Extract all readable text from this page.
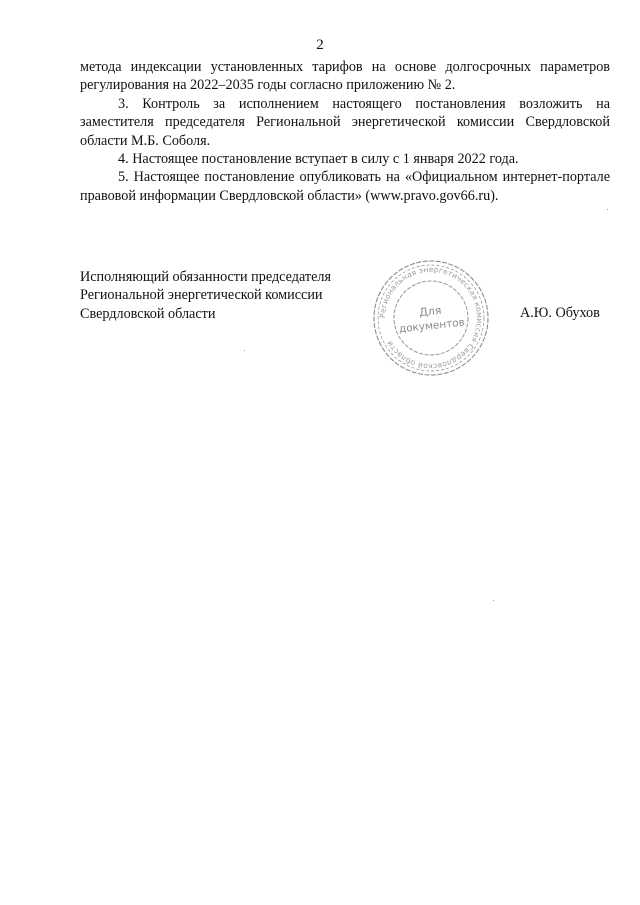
2

метода индексации установленных тарифов на основе долгосрочных параметров регулирования на 2022–2035 годы согласно приложению № 2.

3. Контроль за исполнением настоящего постановления возложить на заместителя председателя Региональной энергетической комиссии Свердловской области М.Б. Соболя.

4. Настоящее постановление вступает в силу с 1 января 2022 года.

5. Настоящее постановление опубликовать на «Официальном интернет-портале правовой информации Свердловской области» (www.pravo.gov66.ru).

Исполняющий обязанности председателя
Региональной энергетической комиссии
Свердловской области	Региональная энергетическая комиссия Свердловской области
Для
документов
А.Ю. Обухов
